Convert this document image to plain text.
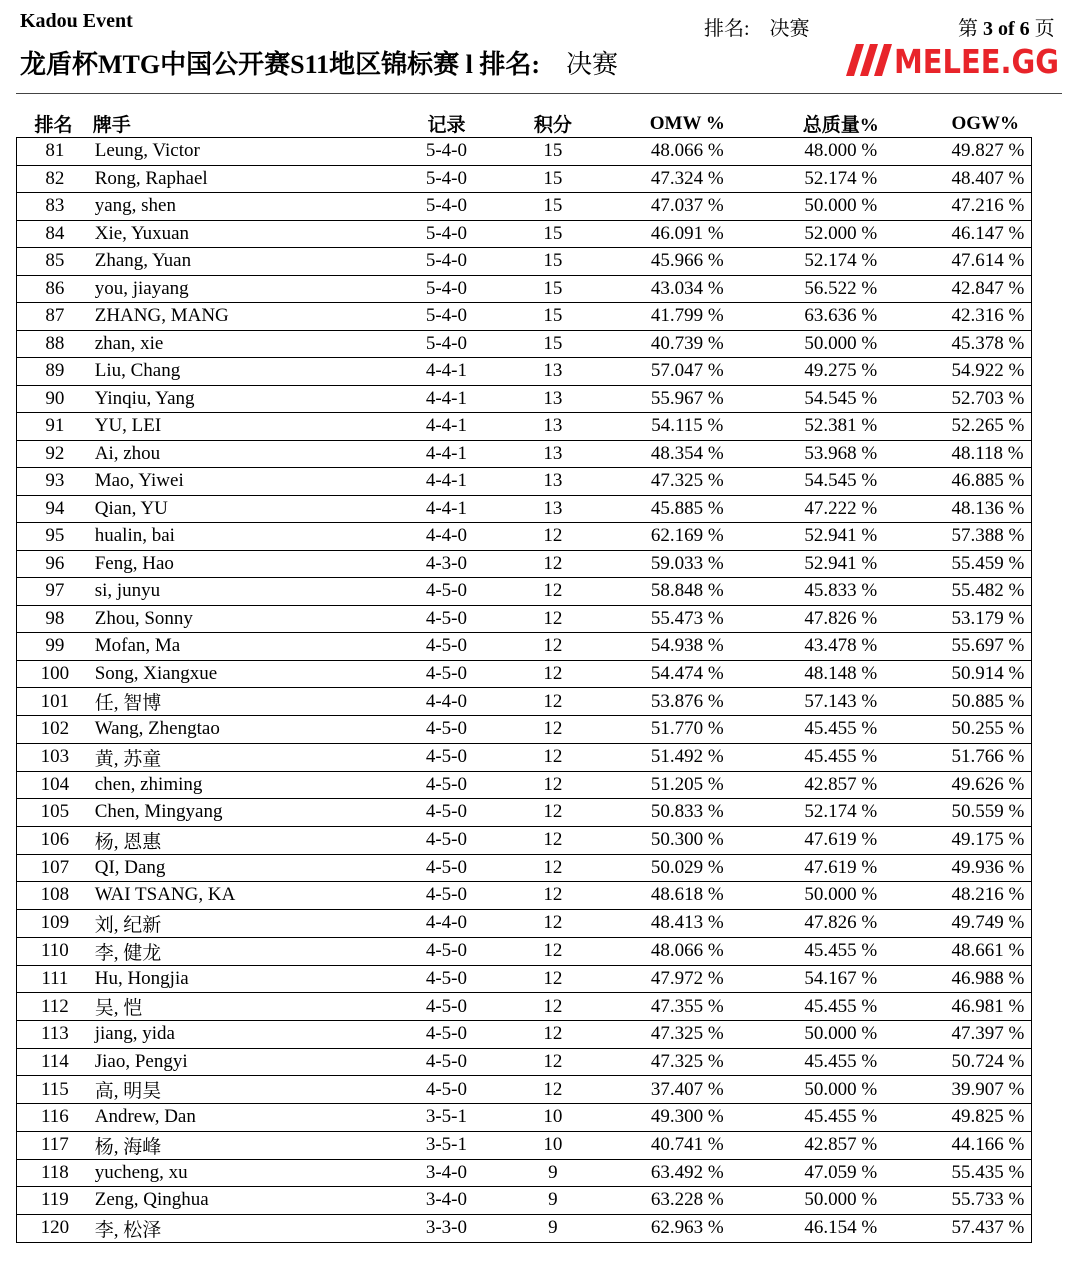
Kadou Event	排名:　决赛	第 3 of 6 页
龙盾杯MTG中国公开赛S11地区锦标赛 l 排名:　决赛	MELEE.GG
排名	牌手	记录	积分	OMW %	总质量%	OGW%
81	Leung, Victor	5-4-0	15	48.066 %	48.000 %	49.827 %
82	Rong, Raphael	5-4-0	15	47.324 %	52.174 %	48.407 %
83	yang, shen	5-4-0	15	47.037 %	50.000 %	47.216 %
84	Xie, Yuxuan	5-4-0	15	46.091 %	52.000 %	46.147 %
85	Zhang, Yuan	5-4-0	15	45.966 %	52.174 %	47.614 %
86	you, jiayang	5-4-0	15	43.034 %	56.522 %	42.847 %
87	ZHANG, MANG	5-4-0	15	41.799 %	63.636 %	42.316 %
88	zhan, xie	5-4-0	15	40.739 %	50.000 %	45.378 %
89	Liu, Chang	4-4-1	13	57.047 %	49.275 %	54.922 %
90	Yinqiu, Yang	4-4-1	13	55.967 %	54.545 %	52.703 %
91	YU, LEI	4-4-1	13	54.115 %	52.381 %	52.265 %
92	Ai, zhou	4-4-1	13	48.354 %	53.968 %	48.118 %
93	Mao, Yiwei	4-4-1	13	47.325 %	54.545 %	46.885 %
94	Qian, YU	4-4-1	13	45.885 %	47.222 %	48.136 %
95	hualin, bai	4-4-0	12	62.169 %	52.941 %	57.388 %
96	Feng, Hao	4-3-0	12	59.033 %	52.941 %	55.459 %
97	si, junyu	4-5-0	12	58.848 %	45.833 %	55.482 %
98	Zhou, Sonny	4-5-0	12	55.473 %	47.826 %	53.179 %
99	Mofan, Ma	4-5-0	12	54.938 %	43.478 %	55.697 %
100	Song, Xiangxue	4-5-0	12	54.474 %	48.148 %	50.914 %
101	任, 智博	4-4-0	12	53.876 %	57.143 %	50.885 %
102	Wang, Zhengtao	4-5-0	12	51.770 %	45.455 %	50.255 %
103	黄, 苏童	4-5-0	12	51.492 %	45.455 %	51.766 %
104	chen, zhiming	4-5-0	12	51.205 %	42.857 %	49.626 %
105	Chen, Mingyang	4-5-0	12	50.833 %	52.174 %	50.559 %
106	杨, 恩惠	4-5-0	12	50.300 %	47.619 %	49.175 %
107	QI, Dang	4-5-0	12	50.029 %	47.619 %	49.936 %
108	WAI TSANG, KA	4-5-0	12	48.618 %	50.000 %	48.216 %
109	刘, 纪新	4-4-0	12	48.413 %	47.826 %	49.749 %
110	李, 健龙	4-5-0	12	48.066 %	45.455 %	48.661 %
111	Hu, Hongjia	4-5-0	12	47.972 %	54.167 %	46.988 %
112	吴, 恺	4-5-0	12	47.355 %	45.455 %	46.981 %
113	jiang, yida	4-5-0	12	47.325 %	50.000 %	47.397 %
114	Jiao, Pengyi	4-5-0	12	47.325 %	45.455 %	50.724 %
115	高, 明昊	4-5-0	12	37.407 %	50.000 %	39.907 %
116	Andrew, Dan	3-5-1	10	49.300 %	45.455 %	49.825 %
117	杨, 海峰	3-5-1	10	40.741 %	42.857 %	44.166 %
118	yucheng, xu	3-4-0	9	63.492 %	47.059 %	55.435 %
119	Zeng, Qinghua	3-4-0	9	63.228 %	50.000 %	55.733 %
120	李, 松泽	3-3-0	9	62.963 %	46.154 %	57.437 %
